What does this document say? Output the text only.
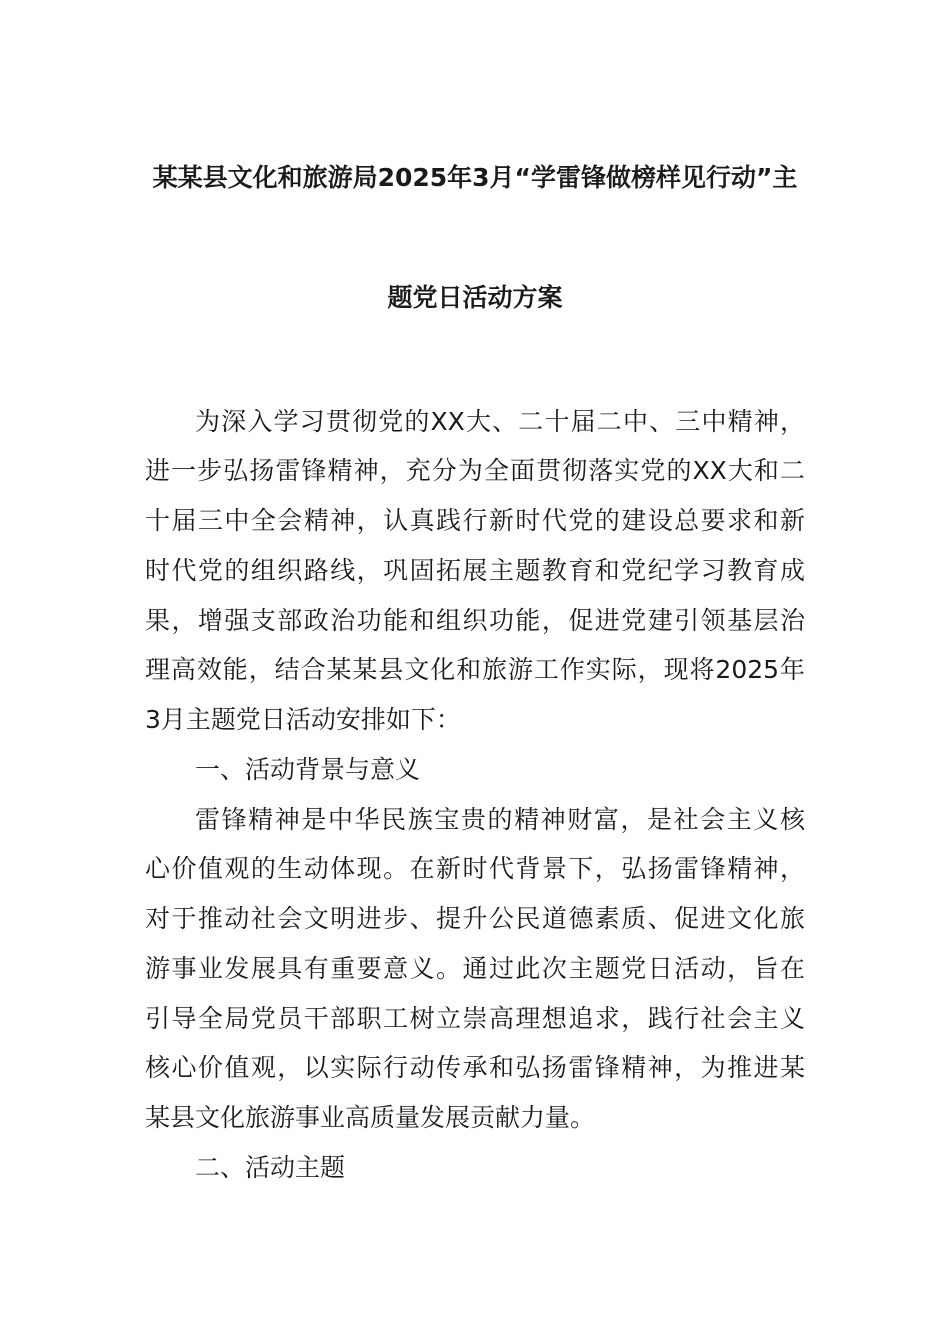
某某县文化和旅游局2025年3月“学雷锋做榜样见行动”主
题党日活动方案
为深入学习贯彻党的XX大、二十届二中、三中精神，
进一步弘扬雷锋精神，充分为全面贯彻落实党的XX大和二
十届三中全会精神，认真践行新时代党的建设总要求和新
时代党的组织路线，巩固拓展主题教育和党纪学习教育成
果，增强支部政治功能和组织功能，促进党建引领基层治
理高效能，结合某某县文化和旅游工作实际，现将2025年
3月主题党日活动安排如下：
一、活动背景与意义
雷锋精神是中华民族宝贵的精神财富，是社会主义核
心价值观的生动体现。在新时代背景下，弘扬雷锋精神，
对于推动社会文明进步、提升公民道德素质、促进文化旅
游事业发展具有重要意义。通过此次主题党日活动，旨在
引导全局党员干部职工树立崇高理想追求，践行社会主义
核心价值观，以实际行动传承和弘扬雷锋精神，为推进某
某县文化旅游事业高质量发展贡献力量。
二、活动主题
